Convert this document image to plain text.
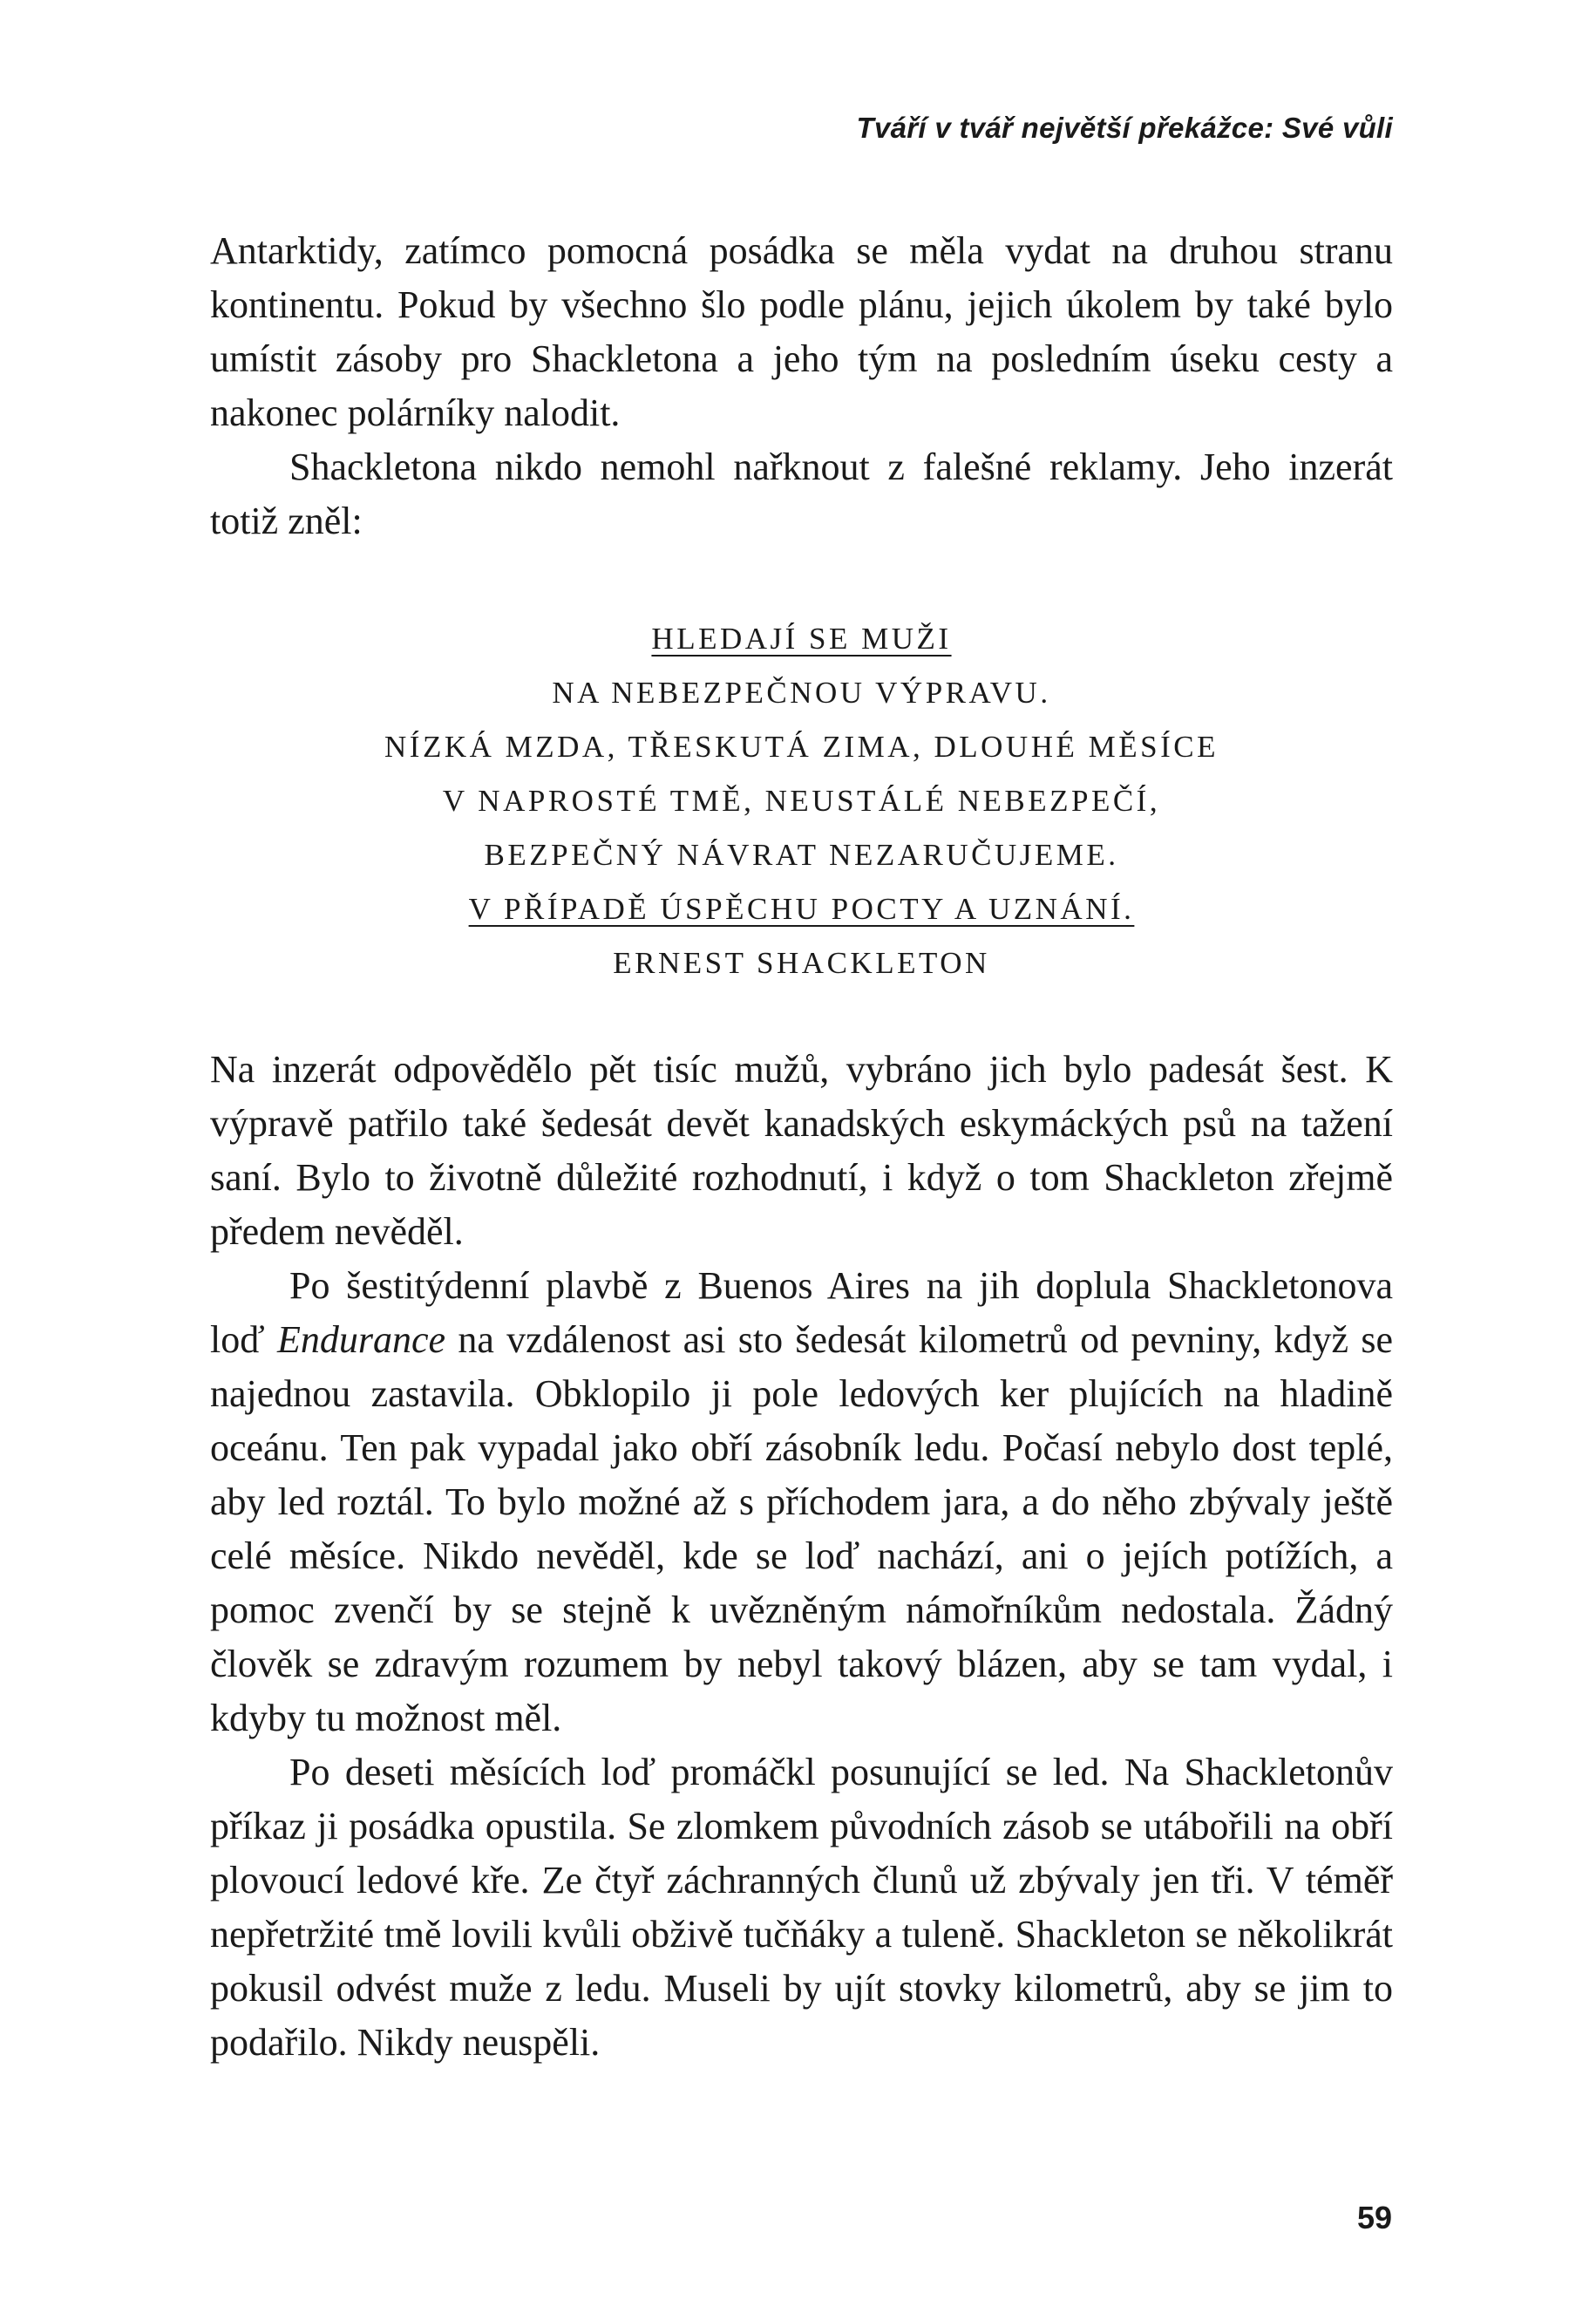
Tváří v tvář největší překážce: Své vůli

Antarktidy, zatímco pomocná posádka se měla vydat na druhou stranu kontinentu. Pokud by všechno šlo podle plánu, jejich úkolem by také bylo umístit zásoby pro Shackletona a jeho tým na posledním úseku cesty a nakonec polárníky nalodit.

Shackletona nikdo nemohl nařknout z falešné reklamy. Jeho inzerát totiž zněl:

HLEDAJÍ SE MUŽI
NA NEBEZPEČNOU VÝPRAVU.
NÍZKÁ MZDA, TŘESKUTÁ ZIMA, DLOUHÉ MĚSÍCE
V NAPROSTÉ TMĚ, NEUSTÁLÉ NEBEZPEČÍ,
BEZPEČNÝ NÁVRAT NEZARUČUJEME.
V PŘÍPADĚ ÚSPĚCHU POCTY A UZNÁNÍ.
ERNEST SHACKLETON

Na inzerát odpovědělo pět tisíc mužů, vybráno jich bylo padesát šest. K výpravě patřilo také šedesát devět kanadských eskymáckých psů na tažení saní. Bylo to životně důležité rozhodnutí, i když o tom Shackleton zřejmě předem nevěděl.

Po šestitýdenní plavbě z Buenos Aires na jih doplula Shackletonova loď Endurance na vzdálenost asi sto šedesát kilometrů od pevniny, když se najednou zastavila. Obklopilo ji pole ledových ker plujících na hladině oceánu. Ten pak vypadal jako obří zásobník ledu. Počasí nebylo dost teplé, aby led roztál. To bylo možné až s příchodem jara, a do něho zbývaly ještě celé měsíce. Nikdo nevěděl, kde se loď nachází, ani o jejích potížích, a pomoc zvenčí by se stejně k uvězněným námořníkům nedostala. Žádný člověk se zdravým rozumem by nebyl takový blázen, aby se tam vydal, i kdyby tu možnost měl.

Po deseti měsících loď promáčkl posunující se led. Na Shackletonův příkaz ji posádka opustila. Se zlomkem původních zásob se utábořili na obří plovoucí ledové kře. Ze čtyř záchranných člunů už zbývaly jen tři. V téměř nepřetržité tmě lovili kvůli obživě tučňáky a tuleně. Shackleton se několikrát pokusil odvést muže z ledu. Museli by ujít stovky kilometrů, aby se jim to podařilo. Nikdy neuspěli.

59
